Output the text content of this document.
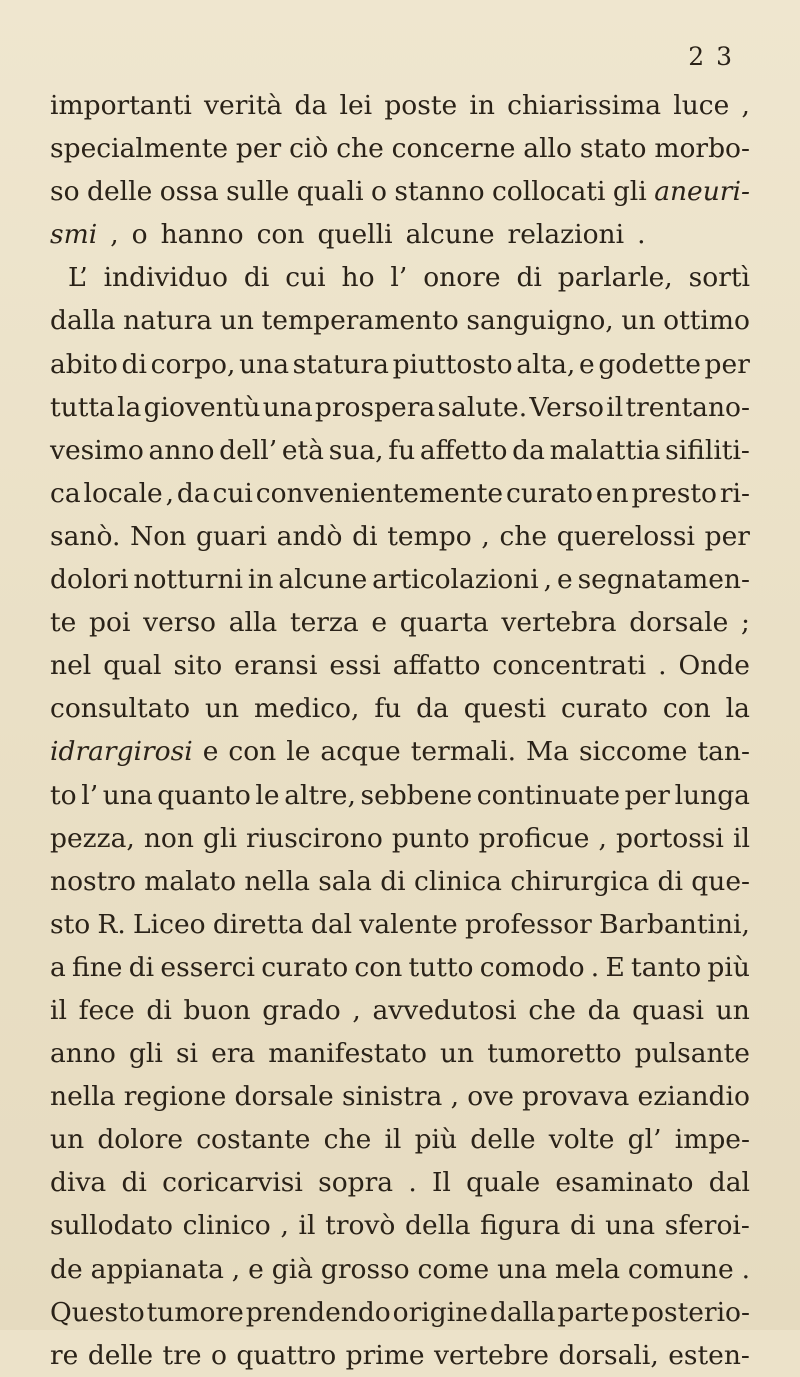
2 3
importanti verità da lei poste in chiarissima luce ,
specialmente per ciò che concerne allo stato morbo-
so delle ossa sulle quali o stanno collocati gli aneuri-
smi , o hanno con quelli alcune relazioni .
L’ individuo di cui ho l’ onore di parlarle, sortì
dalla natura un temperamento sanguigno, un ottimo
abito di corpo, una statura piuttosto alta, e godette per
tutta la gioventù una prospera salute. Verso il trentano-
vesimo anno dell’ età sua, fu affetto da malattia sifiliti-
ca locale , da cui convenientemente curato en presto ri-
sanò. Non guari andò di tempo , che querelossi per
dolori notturni in alcune articolazioni , e segnatamen-
te poi verso alla terza e quarta vertebra dorsale ;
nel qual sito eransi essi affatto concentrati . Onde
consultato un medico, fu da questi curato con la
idrargirosi e con le acque termali. Ma siccome tan-
to l’ una quanto le altre, sebbene continuate per lunga
pezza, non gli riuscirono punto proficue , portossi il
nostro malato nella sala di clinica chirurgica di que-
sto R. Liceo diretta dal valente professor Barbantini,
a fine di esserci curato con tutto comodo . E tanto più
il fece di buon grado , avvedutosi che da quasi un
anno gli si era manifestato un tumoretto pulsante
nella regione dorsale sinistra , ove provava eziandio
un dolore costante che il più delle volte gl’ impe-
diva di coricarvisi sopra . Il quale esaminato dal
sullodato clinico , il trovò della figura di una sferoi-
de appianata , e già grosso come una mela comune .
Questo tumore prendendo origine dalla parte posterio-
re delle tre o quattro prime vertebre dorsali, esten-
